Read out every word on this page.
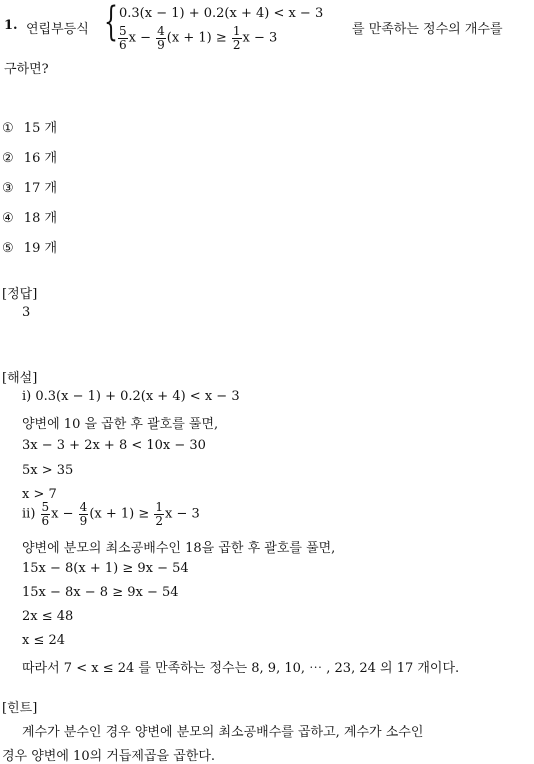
1. 연립부등식 { 0.3(x − 1) + 0.2(x + 4) < x − 3
$\frac{5}{6}$ $x - \frac{4}{9} (x + 1) \ge \frac{1}{2}$ x − 3
를 만족하는 정수의 개수를
구하면?
① 15 개
② 16 개
③ 17 개
④ 18 개
⑤ 19 개
[정답]
3
[해설]
i) 0.3(x − 1) + 0.2(x + 4) < x − 3
양변에 10 을 곱한 후 괄호를 풀면,
3x − 3 + 2x + 8 < 10x − 30
5x > 35
x > 7
$ii) \frac{5}{6}$ $x - \frac{4}{9} (x + 1) \ge \frac{1}{2}$ x − 3
양변에 분모의 최소공배수인 18을 곱한 후 괄호를 풀면,
15x − 8(x + 1) ≥ 9x − 54
15x − 8x − 8 ≥ 9x − 54
2x ≤ 48
x ≤ 24
따라서 7 < x ≤ 24 를 만족하는 정수는 8, 9, 10, ⋯ , 23, 24 의 17 개이다.
[힌트]
계수가 분수인 경우 양변에 분모의 최소공배수를 곱하고, 계수가 소수인
경우 양변에 10의 거듭제곱을 곱한다.
